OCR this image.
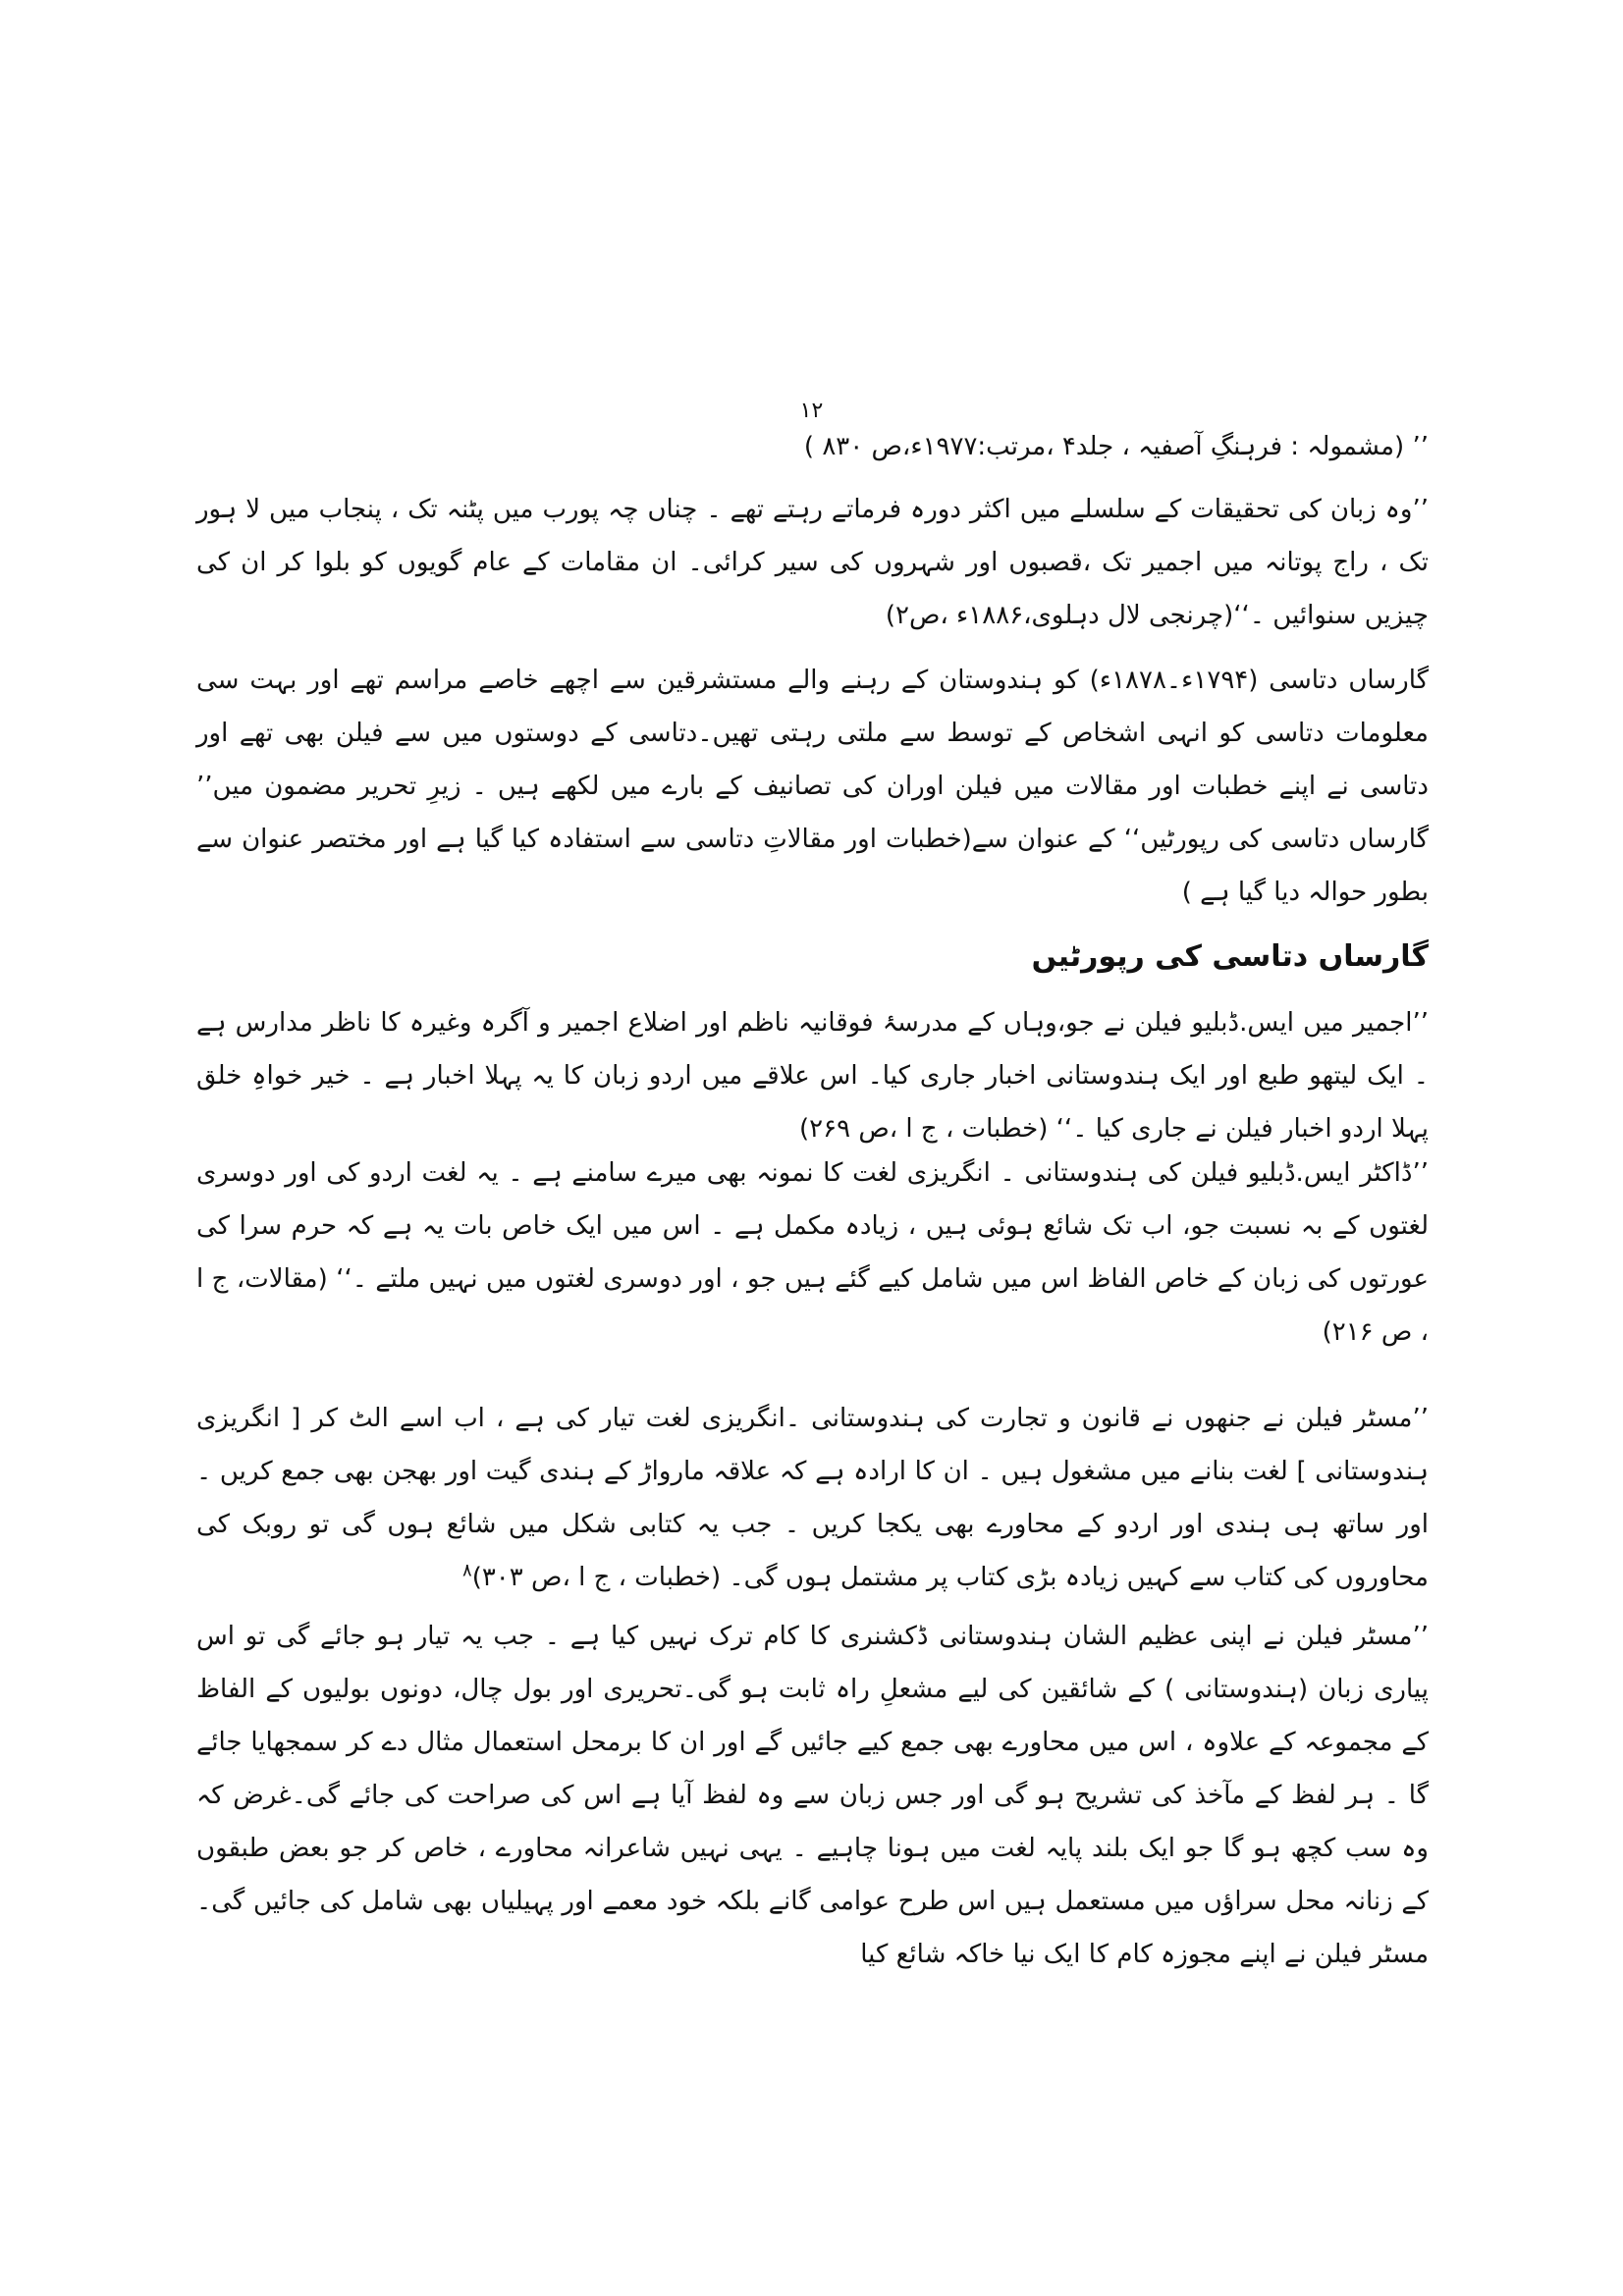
۱۲

’’ (مشمولہ : فرہنگِ آصفیہ ، جلد۴ ،مرتب:۱۹۷۷ء،ص ۸۳۰ )

’’وہ زبان کی تحقیقات کے سلسلے میں اکثر دورہ فرماتے رہتے تھے ۔ چناں چہ پورب میں پٹنہ تک ، پنجاب میں لا ہور تک ، راج پوتانہ میں اجمیر تک ،قصبوں اور شہروں کی سیر کرائی۔ ان مقامات کے عام گویوں کو بلوا کر ان کی چیزیں سنوائیں ۔‘‘(چرنجی لال دہلوی،۱۸۸۶ء ،ص۲)

گارساں دتاسی (۱۷۹۴ء۔۱۸۷۸ء) کو ہندوستان کے رہنے والے مستشرقین سے اچھے خاصے مراسم تھے اور بہت سی معلومات دتاسی کو انہی اشخاص کے توسط سے ملتی رہتی تھیں۔دتاسی کے دوستوں میں سے فیلن بھی تھے اور دتاسی نے اپنے خطبات اور مقالات میں فیلن اوران کی تصانیف کے بارے میں لکھے ہیں ۔ زیرِ تحریر مضمون میں’’ گارساں دتاسی کی رپورٹیں‘‘ کے عنوان سے(خطبات اور مقالاتِ دتاسی سے استفادہ کیا گیا ہے اور مختصر عنوان سے بطور حوالہ دیا گیا ہے )

گارساں دتاسی کی رپورٹیں

’’اجمیر میں ایس.ڈبلیو فیلن نے جو،وہاں کے مدرسۂ فوقانیہ ناظم اور اضلاع اجمیر و آگرہ وغیرہ کا ناظر مدارس ہے ۔ ایک لیتھو طبع اور ایک ہندوستانی اخبار جاری کیا۔ اس علاقے میں اردو زبان کا یہ پہلا اخبار ہے ۔ خیر خواہِ خلق پہلا اردو اخبار فیلن نے جاری کیا ۔‘‘ (خطبات ، ج ا ،ص ۲۶۹)

’’ڈاکٹر ایس.ڈبلیو فیلن کی ہندوستانی ۔ انگریزی لغت کا نمونہ بھی میرے سامنے ہے ۔ یہ لغت اردو کی اور دوسری لغتوں کے بہ نسبت جو، اب تک شائع ہوئی ہیں ، زیادہ مکمل ہے ۔ اس میں ایک خاص بات یہ ہے کہ حرم سرا کی عورتوں کی زبان کے خاص الفاظ اس میں شامل کیے گئے ہیں جو ، اور دوسری لغتوں میں نہیں ملتے ۔‘‘ (مقالات، ج ا ، ص ۲۱۶)

’’مسٹر فیلن نے جنھوں نے قانون و تجارت کی ہندوستانی ۔انگریزی لغت تیار کی ہے ، اب اسے الٹ کر [ انگریزی ہندوستانی ] لغت بنانے میں مشغول ہیں ۔ ان کا ارادہ ہے کہ علاقہ مارواڑ کے ہندی گیت اور بھجن بھی جمع کریں ۔ اور ساتھ ہی ہندی اور اردو کے محاورے بھی یکجا کریں ۔ جب یہ کتابی شکل میں شائع ہوں گی تو روبک کی محاوروں کی کتاب سے کہیں زیادہ بڑی کتاب پر مشتمل ہوں گی۔ (خطبات ، ج ا ،ص ۳۰۳)$^۸$

’’مسٹر فیلن نے اپنی عظیم الشان ہندوستانی ڈکشنری کا کام ترک نہیں کیا ہے ۔ جب یہ تیار ہو جائے گی تو اس پیاری زبان (ہندوستانی ) کے شائقین کی لیے مشعلِ راہ ثابت ہو گی۔تحریری اور بول چال، دونوں بولیوں کے الفاظ کے مجموعہ کے علاوہ ، اس میں محاورے بھی جمع کیے جائیں گے اور ان کا برمحل استعمال مثال دے کر سمجھایا جائے گا ۔ ہر لفظ کے مآخذ کی تشریح ہو گی اور جس زبان سے وہ لفظ آیا ہے اس کی صراحت کی جائے گی۔غرض کہ وہ سب کچھ ہو گا جو ایک بلند پایہ لغت میں ہونا چاہیے ۔ یہی نہیں شاعرانہ محاورے ، خاص کر جو بعض طبقوں کے زنانہ محل سراؤں میں مستعمل ہیں اس طرح عوامی گانے بلکہ خود معمے اور پہیلیاں بھی شامل کی جائیں گی۔مسٹر فیلن نے اپنے مجوزہ کام کا ایک نیا خاکہ شائع کیا
